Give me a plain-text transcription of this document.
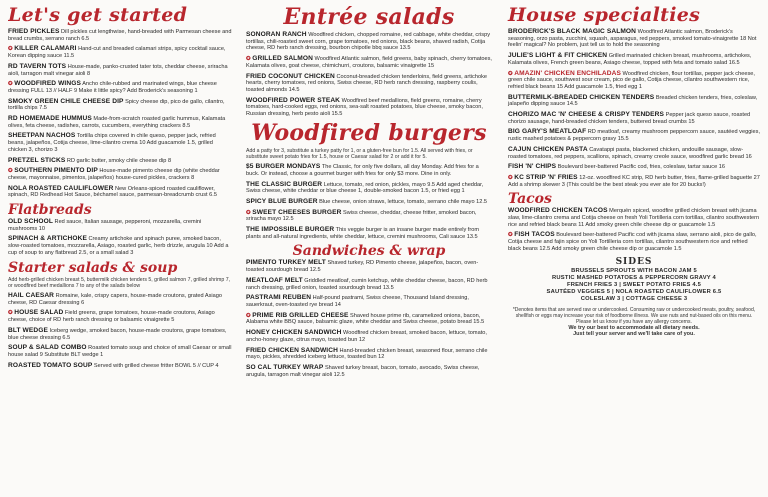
Let's get started
FRIED PICKLES Dill pickles cut lengthwise, hand-breaded with Parmesan cheese and bread crumbs, serrano ranch 6.5
✪ KILLER CALAMARI Hand-cut and breaded calamari strips, spicy cocktail sauce, Korean dipping sauce 11.5
RD TAVERN TOTS House-made, panko-crusted tater tots, cheddar cheese, sriracha aioli, tarragon malt vinegar aioli 8
✪ WOODFIRED WINGS Ancho chile-rubbed and marinated wings, blue cheese dressing FULL 13 // HALF 9 Make it little spicy? Add Broderick's seasoning 1
SMOKY GREEN CHILE CHEESE DIP Spicy cheese dip, pico de gallo, cilantro, tortilla chips 7.5
RD HOMEMADE HUMMUS Made-from-scratch roasted garlic hummus, Kalamata olives, feta cheese, radishes, carrots, cucumbers, everything crackers 8.5
SHEETPAN NACHOS Tortilla chips covered in chile queso, pepper jack, refried beans, jalapeños, Cotija cheese, lime-cilantro crema 10 Add guacamole 1.5, grilled chicken 3, chorizo 3
PRETZEL STICKS RD garlic butter, smoky chile cheese dip 8
✪ SOUTHERN PIMENTO DIP House-made pimento cheese dip (white cheddar cheese, mayonnaise, pimentos, jalapeños) house-cured pickles, crackers 8
NOLA ROASTED CAULIFLOWER New Orleans-spiced roasted cauliflower, spinach, RD Redhead Hot Sauce, béchamel sauce, parmesan-breadcrumb crust 6.5
Flatbreads
OLD SCHOOL Red sauce, Italian sausage, pepperoni, mozzarella, cremini mushrooms 10
SPINACH & ARTICHOKE Creamy artichoke and spinach puree, smoked bacon, slow-roasted tomatoes, mozzarella, Asiago, roasted garlic, herb drizzle, arugula 10 Add a cup of soup to any flatbread 2.5, or a small salad 3
Starter salads & soup
Add herb-grilled chicken breast 5, buttermilk chicken tenders 5, grilled salmon 7, grilled shrimp 7, or woodfired beef medallions 7 to any of the salads below
HAIL CAESAR Romaine, kale, crispy capers, house-made croutons, grated Asiago cheese, RD Caesar dressing 6
✪ HOUSE SALAD Field greens, grape tomatoes, house-made croutons, Asiago cheese, choice of RD herb ranch dressing or balsamic vinaigrette 5
BLT WEDGE Iceberg wedge, smoked bacon, house-made croutons, grape tomatoes, blue cheese dressing 6.5
SOUP & SALAD COMBO Roasted tomato soup and choice of small Caesar or small house salad 9 Substitute BLT wedge 1
ROASTED TOMATO SOUP Served with grilled cheese fritter BOWL 5 // CUP 4
Entrée salads
SONORAN RANCH Woodfired chicken, chopped romaine, red cabbage, white cheddar, crispy tortillas, chili-roasted sweet corn, grape tomatoes, red onions, black beans, shaved radish, Cotija cheese, RD herb ranch dressing, bourbon chipotle bbq sauce 13.5
✪ GRILLED SALMON Woodfired Atlantic salmon, field greens, baby spinach, cherry tomatoes, Kalamata olives, goat cheese, chimichurri, croutons, balsamic vinaigrette 15
FRIED COCONUT CHICKEN Coconut-breaded chicken tenderloins, field greens, artichoke hearts, cherry tomatoes, red onions, Swiss cheese, RD herb ranch dressing, raspberry coulis, toasted almonds 14.5
WOODFIRED POWER STEAK Woodfired beef medallions, field greens, romaine, cherry tomatoes, hard-cooked eggs, red onions, sea-salt roasted potatoes, blue cheese, smoky bacon, Russian dressing, herb pesto aioli 15.5
Woodfired burgers
Add a patty for 3, substitute a turkey patty for 1, or a gluten-free bun for 1.5. All served with fries, or substitute sweet potato fries for 1.5, house or Caesar salad for 2 or add it for 5.
$5 BURGER MONDAYS The Classic, for only five dollars, all day Monday. Add fries for a buck. Or instead, choose a gourmet burger with fries for only $3 more. Dine in only.
THE CLASSIC BURGER Lettuce, tomato, red onion, pickles, mayo 9.5 Add aged cheddar, Swiss cheese, white cheddar or blue cheese 1, double-smoked bacon 1.5, or fried egg 1
SPICY BLUE BURGER Blue cheese, onion straws, lettuce, tomato, serrano chile mayo 12.5
✪ SWEET CHEESES BURGER Swiss cheese, cheddar, cheese fritter, smoked bacon, sriracha mayo 12.5
THE IMPOSSIBLE BURGER This veggie burger is an insane burger made entirely from plants and all-natural ingredients, white cheddar, lettuce, cremini mushrooms, Cali sauce 13.5
Sandwiches & wrap
PIMENTO TURKEY MELT Shaved turkey, RD Pimento cheese, jalapeños, bacon, oven-toasted sourdough bread 12.5
MEATLOAF MELT Griddled meatloaf, cumin ketchup, white cheddar cheese, bacon, RD herb ranch dressing, grilled onion, toasted sourdough bread 13.5
PASTRAMI REUBEN Half-pound pastrami, Swiss cheese, Thousand Island dressing, sauerkraut, oven-toasted rye bread 14
✪ PRIME RIB GRILLED CHEESE Shaved house prime rib, caramelized onions, bacon, Alabama white BBQ sauce, balsamic glaze, white cheddar and Swiss cheese, potato bread 15.5
HONEY CHICKEN SANDWICH Woodfired chicken breast, smoked bacon, lettuce, tomato, ancho-honey glaze, citrus mayo, toasted bun 12
FRIED CHICKEN SANDWICH Hand-breaded chicken breast, seasoned flour, serrano chile mayo, pickles, shredded iceberg lettuce, toasted bun 12
SO CAL TURKEY WRAP Shaved turkey breast, bacon, tomato, avocado, Swiss cheese, arugula, tarragon malt vinegar aioli 12.5
House specialties
BRODERICK'S BLACK MAGIC SALMON Woodfired Atlantic salmon, Broderick's seasoning, orzo pasta, zucchini, squash, asparagus, red peppers, smoked tomato-vinaigrette 18 Not feelin' magical? No problem, just tell us to hold the seasoning
JULIE'S LIGHT & FIT CHICKEN Grilled marinated chicken breast, mushrooms, artichokes, Kalamata olives, French green beans, Asiago cheese, topped with feta and tomato salad 16.5
✪ AMAZIN' CHICKEN ENCHILADAS Woodfired chicken, flour tortillas, pepper jack cheese, green chile sauce, southwest sour cream, pico de gallo, Cotija cheese, cilantro southwestern rice, refried black beans 15 Add guacamole 1.5, fried egg 1
BUTTERMILK-BREADED CHICKEN TENDERS Breaded chicken tenders, fries, coleslaw, jalapeño dipping sauce 14.5
CHORIZO MAC 'N' CHEESE & CRISPY TENDERS Pepper jack queso sauce, roasted chorizo sausage, hand-breaded chicken tenders, buttered bread crumbs 15
BIG GARY'S MEATLOAF RD meatloaf, creamy mushroom peppercorn sauce, sautéed veggies, rustic mashed potatoes & peppercorn gravy 15.5
CAJUN CHICKEN PASTA Cavatappi pasta, blackened chicken, andouille sausage, slow-roasted tomatoes, red peppers, scallions, spinach, creamy creole sauce, woodfired garlic bread 16
FISH 'N' CHIPS Boulevard beer-battered Pacific cod, fries, coleslaw, tartar sauce 16
✪ KC STRIP 'N' FRIES 12-oz. woodfired KC strip, RD herb butter, fries, flame-grilled baguette 27 Add a shrimp skewer 3 (This could be the best steak you ever ate for 20 bucks!)
Tacos
WOODFIRED CHICKEN TACOS Merquén spiced, woodfire grilled chicken breast with jicama slaw, lime-cilantro crema and Cotija cheese on fresh Yoli Tortilleria corn tortillas, cilantro southwestern rice and refried black beans 11 Add smoky green chile cheese dip or guacamole 1.5
✪ FISH TACOS Boulevard beer-battered Pacific cod with jicama slaw, serrano aioli, pico de gallo, Cotija cheese and fajin spice on Yoli Tortilleria corn tortillas, cilantro southwestern rice and refried black beans 12.5 Add smoky green chile cheese dip or guacamole 1.5
SIDES
BRUSSELS SPROUTS WITH BACON JAM 5
RUSTIC MASHED POTATOES & PEPPERCORN GRAVY 4
FRENCH FRIES 3 | SWEET POTATO FRIES 4.5
SAUTÉED VEGGIES 5 | NOLA ROASTED CAULIFLOWER 6.5
COLESLAW 3 | COTTAGE CHEESE 3
*Denotes items that are served raw or undercooked. Consuming raw or undercooked meats, poultry, seafood, shellfish or eggs may increase your risk of foodborne illness. We use nuts and nut-based oils on this menu. Please let us know if you have any allergy concerns.
We try our best to accommodate all dietary needs.
Just tell your server and we'll take care of you.
